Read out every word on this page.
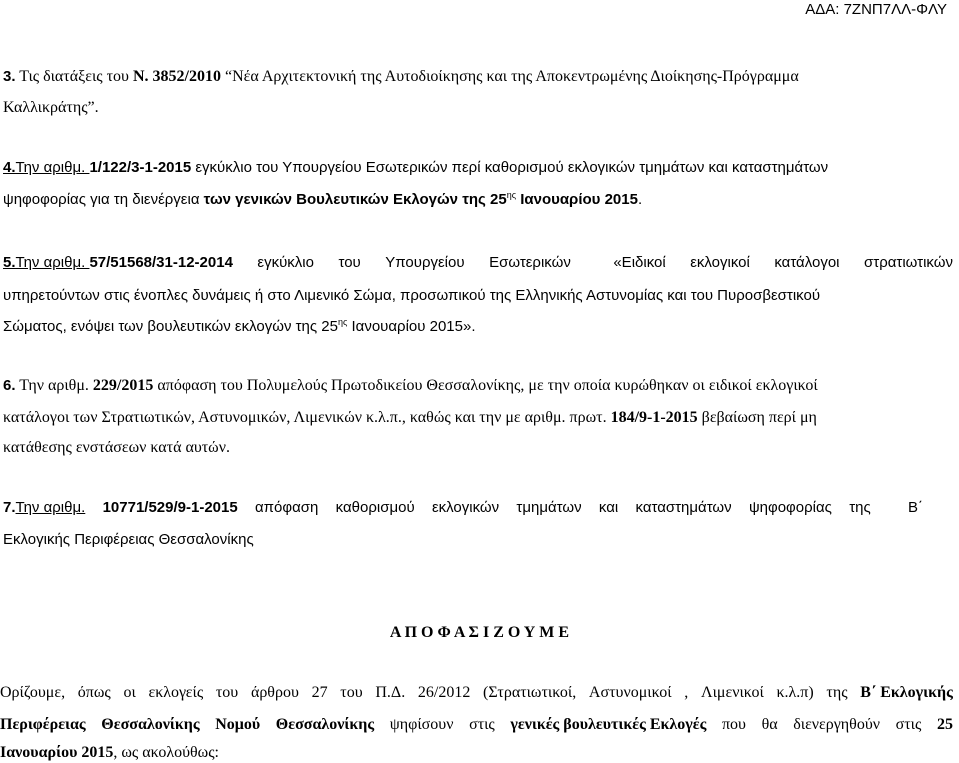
ΑΔΑ: 7ΖΝΠ7ΛΛ-ΦΛΥ
3. Τις διατάξεις του Ν. 3852/2010 “Νέα Αρχιτεκτονική της Αυτοδιοίκησης και της Αποκεντρωμένης Διοίκησης-Πρόγραμμα
Καλλικράτης”.
4.Την αριθμ. 1/122/3-1-2015 εγκύκλιο του Υπουργείου Εσωτερικών περί καθορισμού εκλογικών τμημάτων και καταστημάτων
ψηφοφορίας για τη διενέργεια των γενικών Βουλευτικών Εκλογών της $25^{\eta\varsigma}$ Ιανουαρίου 2015.
5.Την αριθμ. 57/51568/31-12-2014 εγκύκλιο του Υπουργείου Εσωτερικών	«Ειδικοί εκλογικοί κατάλογοι στρατιωτικών
υπηρετούντων στις ένοπλες δυνάμεις ή στο Λιμενικό Σώμα, προσωπικού της Ελληνικής Αστυνομίας και του Πυροσβεστικού
Σώματος, ενόψει των βουλευτικών εκλογών της $25^{\eta\varsigma}$ Ιανουαρίου 2015».
6. Την αριθμ. 229/2015 απόφαση του Πολυμελούς Πρωτοδικείου Θεσσαλονίκης, με την οποία κυρώθηκαν οι ειδικοί εκλογικοί
κατάλογοι των Στρατιωτικών, Αστυνομικών, Λιμενικών κ.λ.π., καθώς και την με αριθμ. πρωτ. 184/9-1-2015 βεβαίωση περί μη
κατάθεσης ενστάσεων κατά αυτών.
7.Την αριθμ. 10771/529/9-1-2015 απόφαση καθορισμού εκλογικών τμημάτων και καταστημάτων ψηφοφορίας της Β΄
Εκλογικής Περιφέρειας Θεσσαλονίκης
Α Π Ο Φ Α Σ Ι Ζ Ο Υ Μ Ε
Ορίζουμε, όπως οι εκλογείς του άρθρου 27 του Π.Δ. 26/2012 (Στρατιωτικοί, Αστυνομικοί , Λιμενικοί κ.λ.π) της Β΄ Εκλογικής
Περιφέρειας Θεσσαλονίκης Νομού Θεσσαλονίκης ψηφίσουν στις γενικές βουλευτικές Εκλογές που θα διενεργηθούν στις 25
Ιανουαρίου 2015, ως ακολούθως:
